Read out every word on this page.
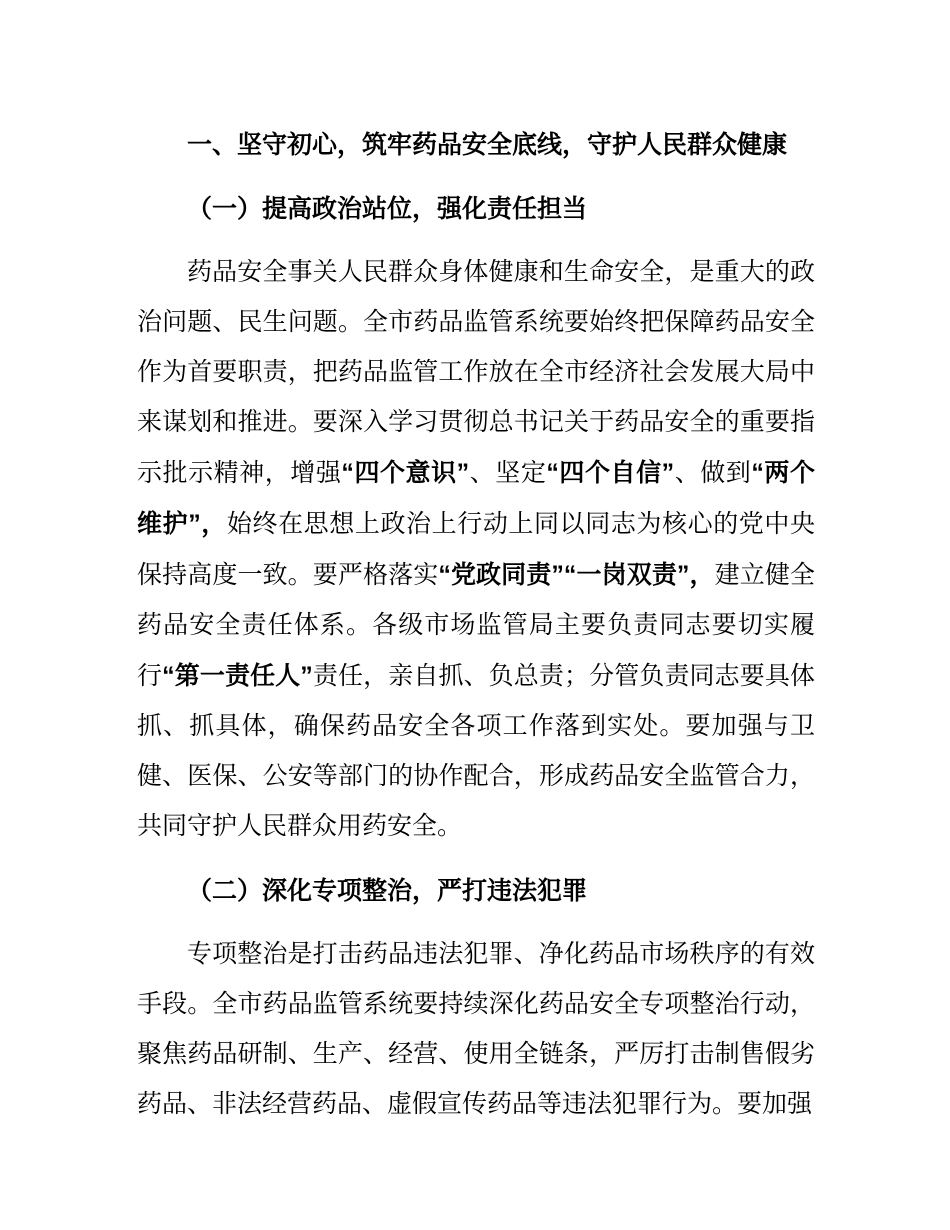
一、坚守初心，筑牢药品安全底线，守护人民群众健康
（一）提高政治站位，强化责任担当

药品安全事关人民群众身体健康和生命安全，是重大的政治问题、民生问题。全市药品监管系统要始终把保障药品安全作为首要职责，把药品监管工作放在全市经济社会发展大局中来谋划和推进。要深入学习贯彻总书记关于药品安全的重要指示批示精神，增强“四个意识”、坚定“四个自信”、做到“两个维护”，始终在思想上政治上行动上同以同志为核心的党中央保持高度一致。要严格落实“党政同责”“一岗双责”，建立健全药品安全责任体系。各级市场监管局主要负责同志要切实履行“第一责任人”责任，亲自抓、负总责；分管负责同志要具体抓、抓具体，确保药品安全各项工作落到实处。要加强与卫健、医保、公安等部门的协作配合，形成药品安全监管合力，共同守护人民群众用药安全。

（二）深化专项整治，严打违法犯罪

专项整治是打击药品违法犯罪、净化药品市场秩序的有效手段。全市药品监管系统要持续深化药品安全专项整治行动，聚焦药品研制、生产、经营、使用全链条，严厉打击制售假劣药品、非法经营药品、虚假宣传药品等违法犯罪行为。要加强
